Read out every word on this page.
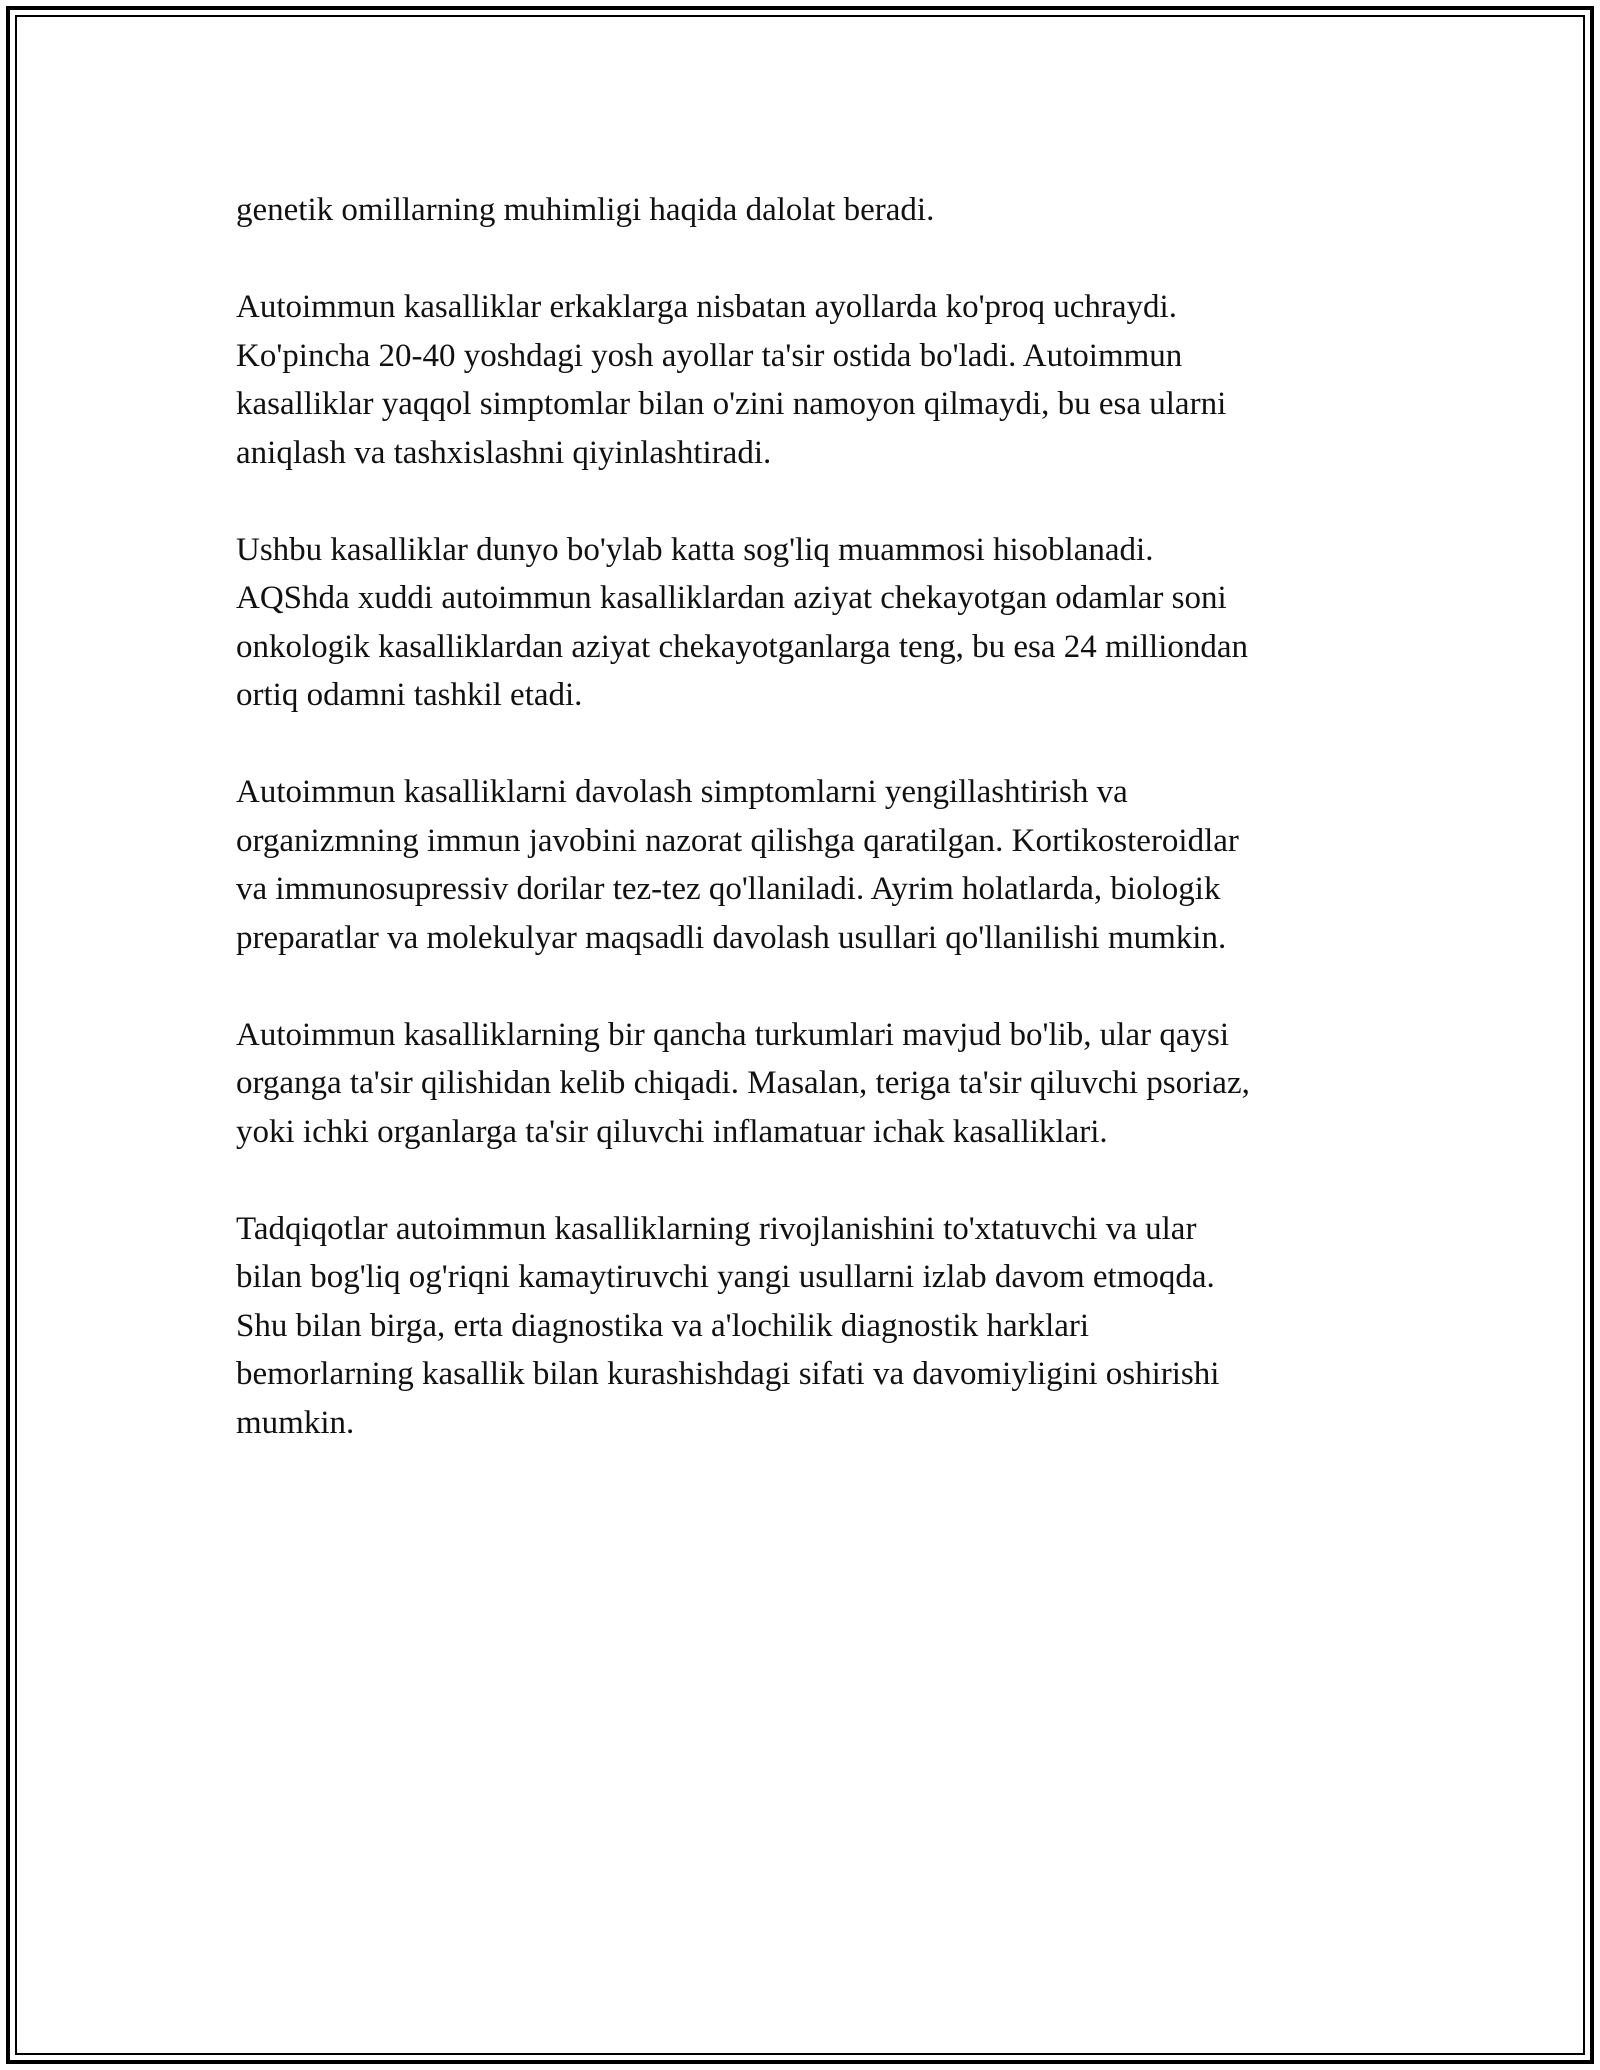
genetik omillarning muhimligi haqida dalolat beradi.

Autoimmun kasalliklar erkaklarga nisbatan ayollarda ko'proq uchraydi.
Ko'pincha 20-40 yoshdagi yosh ayollar ta'sir ostida bo'ladi. Autoimmun
kasalliklar yaqqol simptomlar bilan o'zini namoyon qilmaydi, bu esa ularni
aniqlash va tashxislashni qiyinlashtiradi.

Ushbu kasalliklar dunyo bo'ylab katta sog'liq muammosi hisoblanadi.
AQShda xuddi autoimmun kasalliklardan aziyat chekayotgan odamlar soni
onkologik kasalliklardan aziyat chekayotganlarga teng, bu esa 24 milliondan
ortiq odamni tashkil etadi.

Autoimmun kasalliklarni davolash simptomlarni yengillashtirish va
organizmning immun javobini nazorat qilishga qaratilgan. Kortikosteroidlar
va immunosupressiv dorilar tez-tez qo'llaniladi. Ayrim holatlarda, biologik
preparatlar va molekulyar maqsadli davolash usullari qo'llanilishi mumkin.

Autoimmun kasalliklarning bir qancha turkumlari mavjud bo'lib, ular qaysi
organga ta'sir qilishidan kelib chiqadi. Masalan, teriga ta'sir qiluvchi psoriaz,
yoki ichki organlarga ta'sir qiluvchi inflamatuar ichak kasalliklari.

Tadqiqotlar autoimmun kasalliklarning rivojlanishini to'xtatuvchi va ular
bilan bog'liq og'riqni kamaytiruvchi yangi usullarni izlab davom etmoqda.
Shu bilan birga, erta diagnostika va a'lochilik diagnostik harklari
bemorlarning kasallik bilan kurashishdagi sifati va davomiyligini oshirishi
mumkin.
